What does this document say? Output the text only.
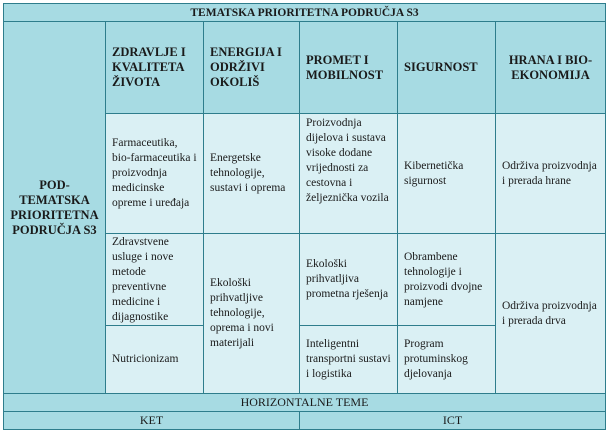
TEMATSKA PRIORITETNA PODRUČJA S3					
POD-TEMATSKA PRIORITETNA PODRUČJA S3	ZDRAVLJE I KVALITETA ŽIVOTA	ENERGIJA I ODRŽIVI OKOLIŠ	PROMET I MOBILNOST	SIGURNOST	HRANA I BIO-EKONOMIJA
	Farmaceutika, bio-farmaceutika i proizvodnja medicinske opreme i uređaja	Energetske tehnologije, sustavi i oprema	Proizvodnja dijelova i sustava visoke dodane vrijednosti za cestovna i željeznička vozila	Kibernetička sigurnost	Održiva proizvodnja i prerada hrane
	Zdravstvene usluge i nove metode preventivne medicine i dijagnostike	Ekološki prihvatljive tehnologije, oprema i novi materijali	Ekološki prihvatljiva prometna rješenja	Obrambene tehnologije i proizvodi dvojne namjene	Održiva proizvodnja i prerada drva
	Nutricionizam		Inteligentni transportni sustavi i logistika	Program protuminskog djelovanja	
HORIZONTALNE TEME					
KET			ICT		
